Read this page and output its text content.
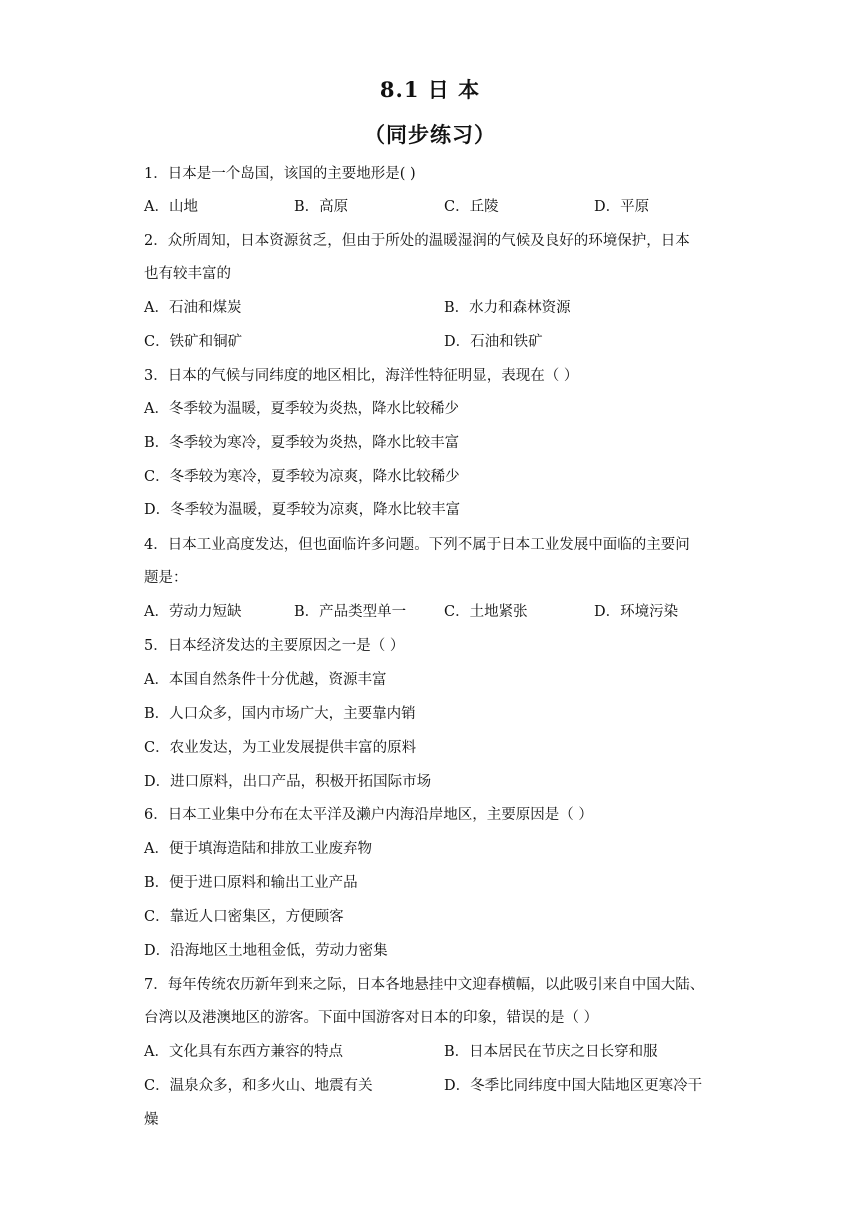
8.1 日 本
（同步练习）
1．日本是一个岛国，该国的主要地形是( )
A．山地	B．高原	C．丘陵	D．平原
2．众所周知，日本资源贫乏，但由于所处的温暖湿润的气候及良好的环境保护，日本
也有较丰富的
A．石油和煤炭	B．水力和森林资源
C．铁矿和铜矿	D．石油和铁矿
3．日本的气候与同纬度的地区相比，海洋性特征明显，表现在（ ）
A．冬季较为温暖，夏季较为炎热，降水比较稀少
B．冬季较为寒冷，夏季较为炎热，降水比较丰富
C．冬季较为寒冷，夏季较为凉爽，降水比较稀少
D．冬季较为温暖，夏季较为凉爽，降水比较丰富
4．日本工业高度发达，但也面临许多问题。下列不属于日本工业发展中面临的主要问
题是：
A．劳动力短缺	B．产品类型单一	C．土地紧张	D．环境污染
5．日本经济发达的主要原因之一是（ ）
A．本国自然条件十分优越，资源丰富
B．人口众多，国内市场广大，主要靠内销
C．农业发达，为工业发展提供丰富的原料
D．进口原料，出口产品，积极开拓国际市场
6．日本工业集中分布在太平洋及濑户内海沿岸地区，主要原因是（ ）
A．便于填海造陆和排放工业废弃物
B．便于进口原料和输出工业产品
C．靠近人口密集区，方便顾客
D．沿海地区土地租金低，劳动力密集
7．每年传统农历新年到来之际，日本各地悬挂中文迎春横幅，以此吸引来自中国大陆、
台湾以及港澳地区的游客。下面中国游客对日本的印象，错误的是（ ）
A．文化具有东西方兼容的特点	B．日本居民在节庆之日长穿和服
C．温泉众多，和多火山、地震有关	D．冬季比同纬度中国大陆地区更寒冷干
燥
